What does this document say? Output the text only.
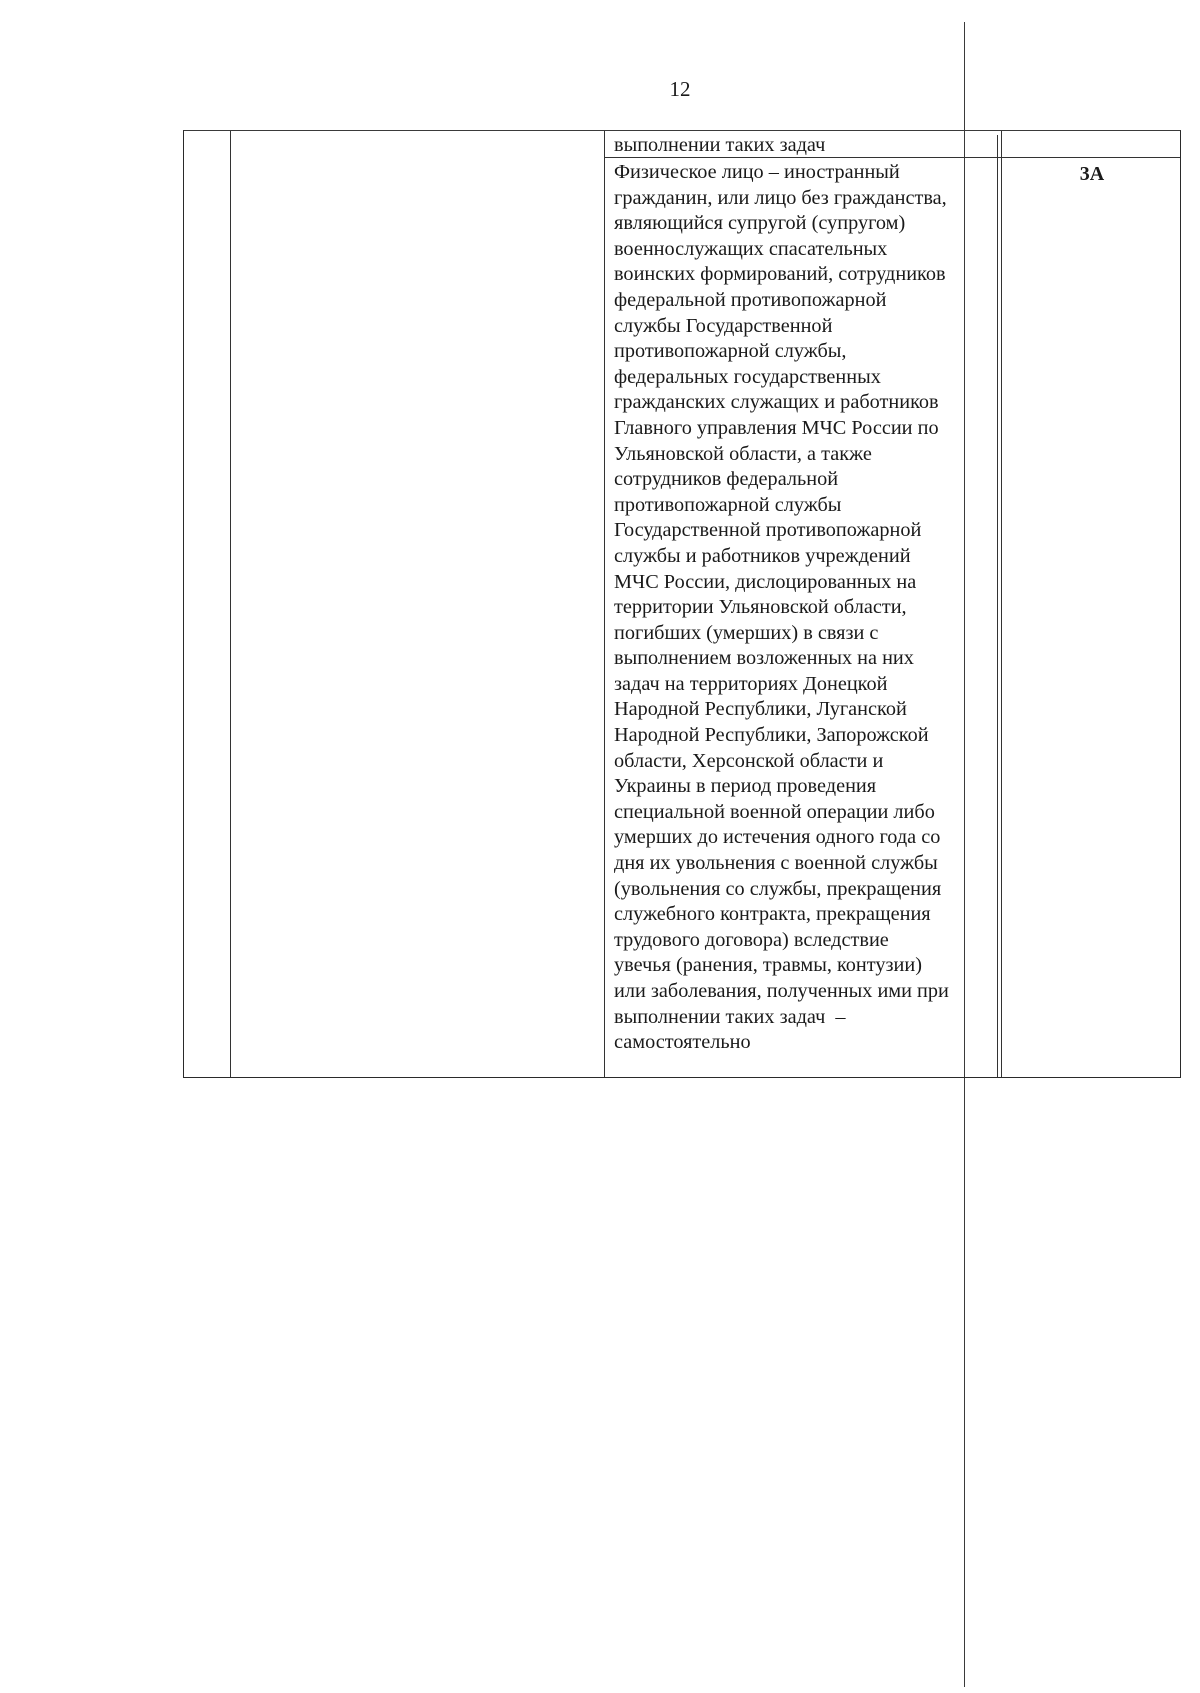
12
выполнении таких задач
Физическое лицо – иностранный
гражданин, или лицо без гражданства,
являющийся супругой (супругом)
военнослужащих спасательных
воинских формирований, сотрудников
федеральной противопожарной
службы Государственной
противопожарной службы,
федеральных государственных
гражданских служащих и работников
Главного управления МЧС России по
Ульяновской области, а также
сотрудников федеральной
противопожарной службы
Государственной противопожарной
службы и работников учреждений
МЧС России, дислоцированных на
территории Ульяновской области,
погибших (умерших) в связи с
выполнением возложенных на них
задач на территориях Донецкой
Народной Республики, Луганской
Народной Республики, Запорожской
области, Херсонской области и
Украины в период проведения
специальной военной операции либо
умерших до истечения одного года со
дня их увольнения с военной службы
(увольнения со службы, прекращения
служебного контракта, прекращения
трудового договора) вследствие
увечья (ранения, травмы, контузии)
или заболевания, полученных ими при
выполнении таких задач  –
самостоятельно
3А
